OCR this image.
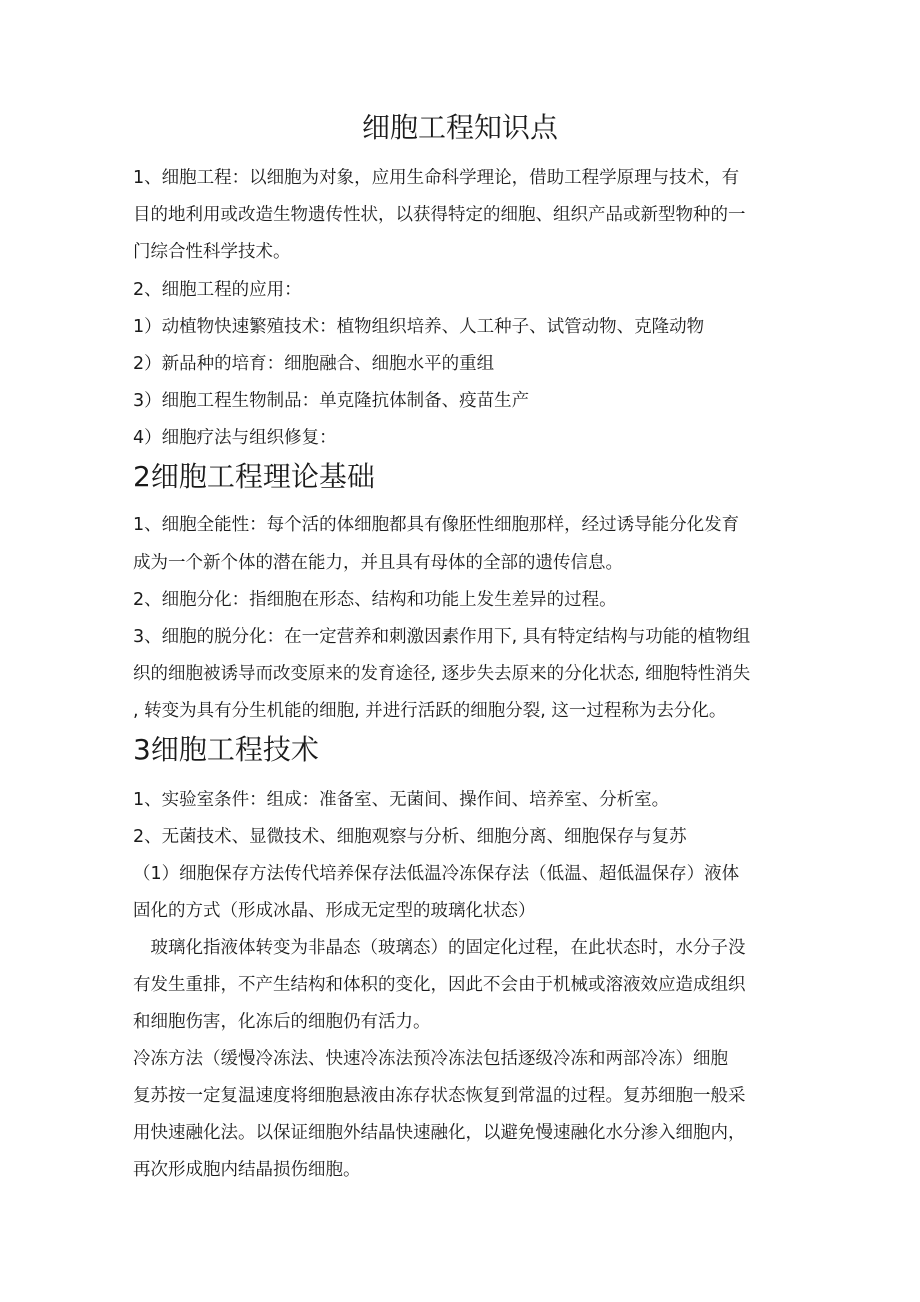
细胞工程知识点

1、细胞工程：以细胞为对象，应用生命科学理论，借助工程学原理与技术，有

目的地利用或改造生物遗传性状，以获得特定的细胞、组织产品或新型物种的一

门综合性科学技术。

2、细胞工程的应用：

1）动植物快速繁殖技术：植物组织培养、人工种子、试管动物、克隆动物

2）新品种的培育：细胞融合、细胞水平的重组

3）细胞工程生物制品：单克隆抗体制备、疫苗生产

4）细胞疗法与组织修复：

2细胞工程理论基础

1、细胞全能性：每个活的体细胞都具有像胚性细胞那样，经过诱导能分化发育

成为一个新个体的潜在能力，并且具有母体的全部的遗传信息。

2、细胞分化：指细胞在形态、结构和功能上发生差异的过程。

3、细胞的脱分化：在一定营养和刺激因素作用下, 具有特定结构与功能的植物组

织的细胞被诱导而改变原来的发育途径, 逐步失去原来的分化状态, 细胞特性消失

, 转变为具有分生机能的细胞, 并进行活跃的细胞分裂, 这一过程称为去分化。

3细胞工程技术

1、实验室条件：组成：准备室、无菌间、操作间、培养室、分析室。

2、无菌技术、显微技术、细胞观察与分析、细胞分离、细胞保存与复苏

（1）细胞保存方法传代培养保存法低温冷冻保存法（低温、超低温保存）液体

固化的方式（形成冰晶、形成无定型的玻璃化状态）

　玻璃化指液体转变为非晶态（玻璃态）的固定化过程，在此状态时，水分子没

有发生重排，不产生结构和体积的变化，因此不会由于机械或溶液效应造成组织

和细胞伤害，化冻后的细胞仍有活力。

冷冻方法（缓慢冷冻法、快速冷冻法预冷冻法包括逐级冷冻和两部冷冻）细胞

复苏按一定复温速度将细胞悬液由冻存状态恢复到常温的过程。复苏细胞一般采

用快速融化法。以保证细胞外结晶快速融化，以避免慢速融化水分渗入细胞内，

再次形成胞内结晶损伤细胞。
